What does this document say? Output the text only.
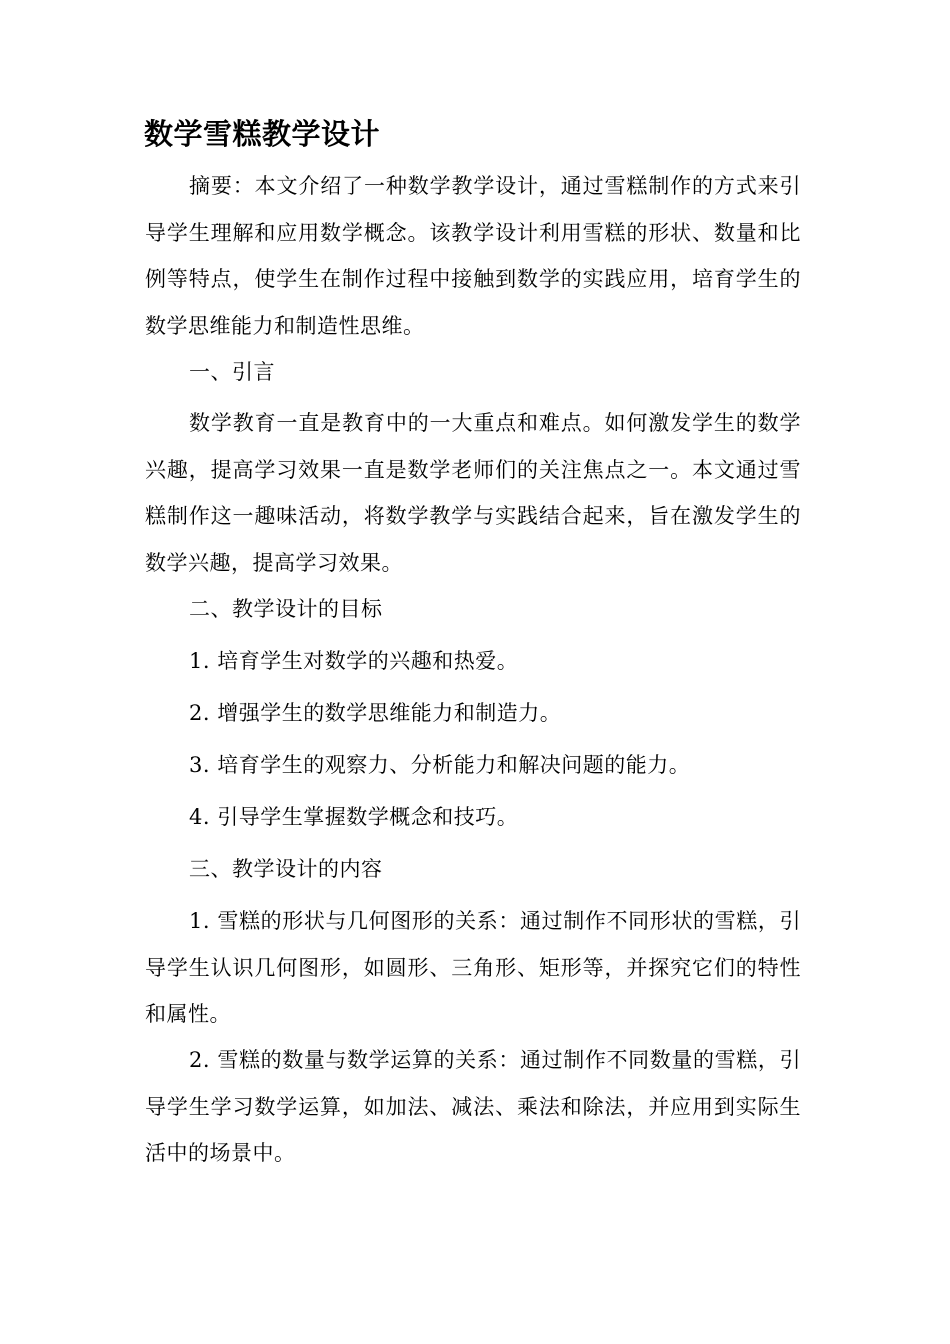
数学雪糕教学设计

摘要：本文介绍了一种数学教学设计，通过雪糕制作的方式来引导学生理解和应用数学概念。该教学设计利用雪糕的形状、数量和比例等特点，使学生在制作过程中接触到数学的实践应用，培育学生的数学思维能力和制造性思维。

一、引言

数学教育一直是教育中的一大重点和难点。如何激发学生的数学兴趣，提高学习效果一直是数学老师们的关注焦点之一。本文通过雪糕制作这一趣味活动，将数学教学与实践结合起来，旨在激发学生的数学兴趣，提高学习效果。

二、教学设计的目标

1. 培育学生对数学的兴趣和热爱。

2. 增强学生的数学思维能力和制造力。

3. 培育学生的观察力、分析能力和解决问题的能力。

4. 引导学生掌握数学概念和技巧。

三、教学设计的内容

1. 雪糕的形状与几何图形的关系：通过制作不同形状的雪糕，引导学生认识几何图形，如圆形、三角形、矩形等，并探究它们的特性和属性。

2. 雪糕的数量与数学运算的关系：通过制作不同数量的雪糕，引导学生学习数学运算，如加法、减法、乘法和除法，并应用到实际生活中的场景中。
